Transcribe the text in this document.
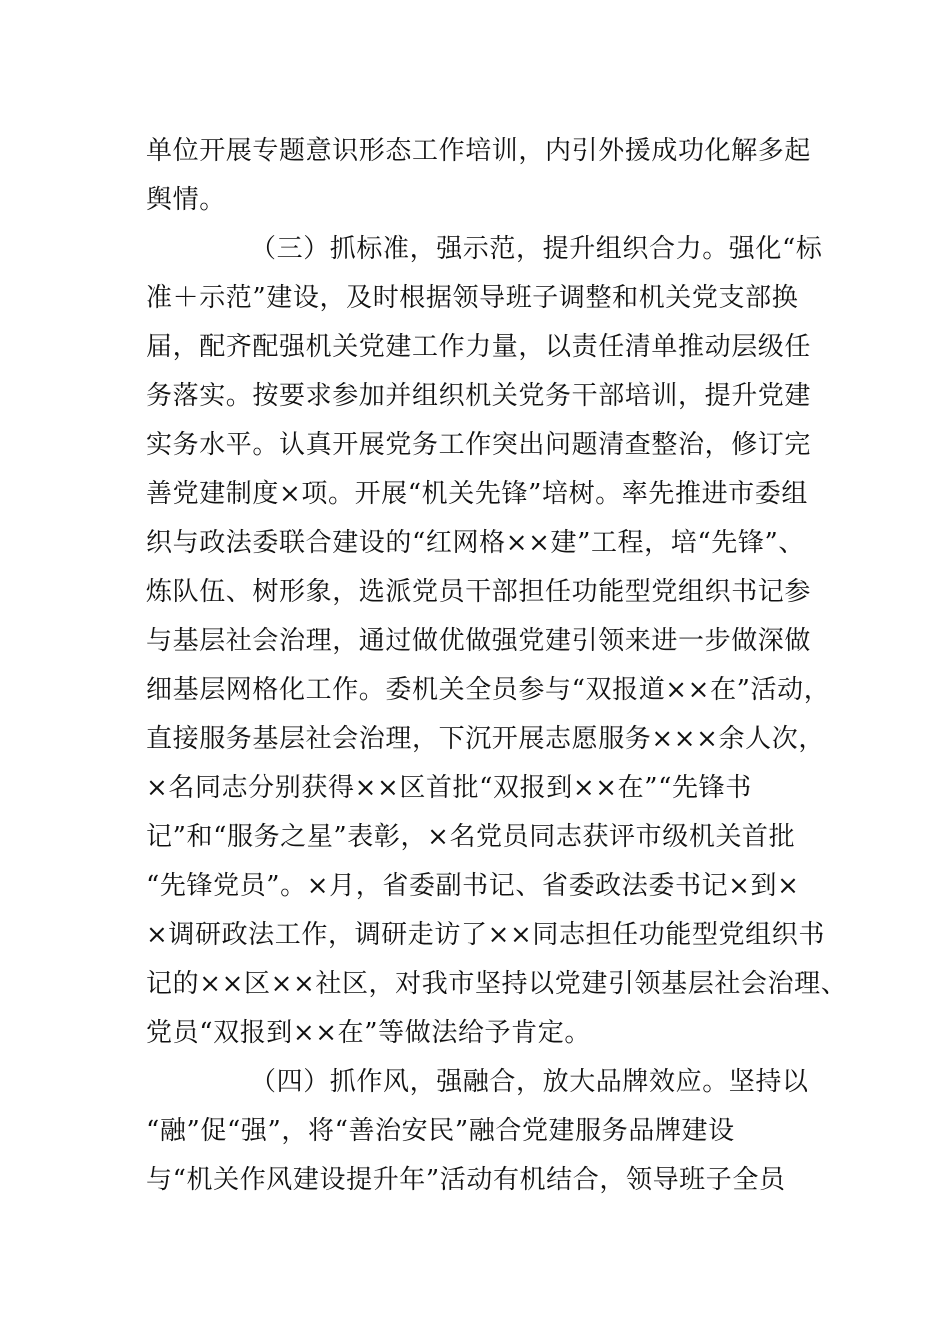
单位开展专题意识形态工作培训，内引外援成功化解多起
舆情。
（三）抓标准，强示范，提升组织合力。强化“标
准＋示范”建设，及时根据领导班子调整和机关党支部换
届，配齐配强机关党建工作力量，以责任清单推动层级任
务落实。按要求参加并组织机关党务干部培训，提升党建
实务水平。认真开展党务工作突出问题清查整治，修订完
善党建制度×项。开展“机关先锋”培树。率先推进市委组
织与政法委联合建设的“红网格××建”工程，培“先锋”、
炼队伍、树形象，选派党员干部担任功能型党组织书记参
与基层社会治理，通过做优做强党建引领来进一步做深做
细基层网格化工作。委机关全员参与“双报道××在”活动，
直接服务基层社会治理，下沉开展志愿服务×××余人次，
×名同志分别获得××区首批“双报到××在”“先锋书
记”和“服务之星”表彰，×名党员同志获评市级机关首批
“先锋党员”。×月，省委副书记、省委政法委书记×到×
×调研政法工作，调研走访了××同志担任功能型党组织书
记的××区××社区，对我市坚持以党建引领基层社会治理、
党员“双报到××在”等做法给予肯定。
（四）抓作风，强融合，放大品牌效应。坚持以
“融”促“强”，将“善治安民”融合党建服务品牌建设
与“机关作风建设提升年”活动有机结合，领导班子全员
